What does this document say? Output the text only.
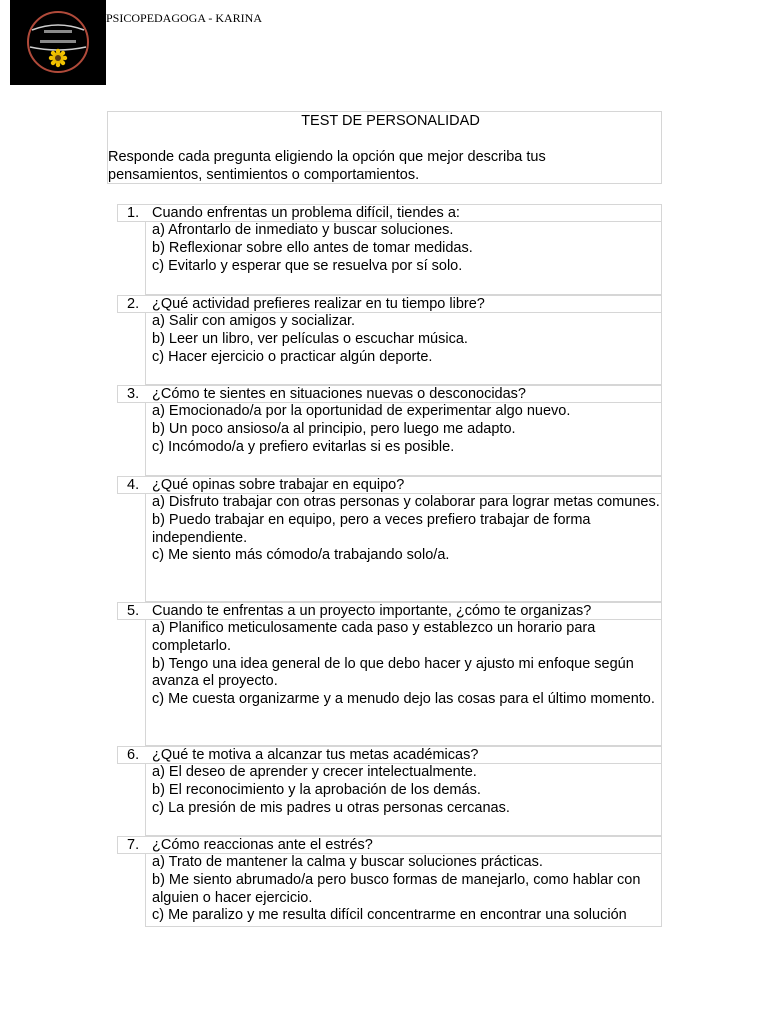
PSICOPEDAGOGA - KARINA
TEST DE PERSONALIDAD
Responde cada pregunta eligiendo la opción que mejor describa tus pensamientos, sentimientos o comportamientos.
1. Cuando enfrentas un problema difícil, tiendes a:
a) Afrontarlo de inmediato y buscar soluciones.
b) Reflexionar sobre ello antes de tomar medidas.
c) Evitarlo y esperar que se resuelva por sí solo.
2. ¿Qué actividad prefieres realizar en tu tiempo libre?
a) Salir con amigos y socializar.
b) Leer un libro, ver películas o escuchar música.
c) Hacer ejercicio o practicar algún deporte.
3. ¿Cómo te sientes en situaciones nuevas o desconocidas?
a) Emocionado/a por la oportunidad de experimentar algo nuevo.
b) Un poco ansioso/a al principio, pero luego me adapto.
c) Incómodo/a y prefiero evitarlas si es posible.
4. ¿Qué opinas sobre trabajar en equipo?
a) Disfruto trabajar con otras personas y colaborar para lograr metas comunes.
b) Puedo trabajar en equipo, pero a veces prefiero trabajar de forma independiente.
c) Me siento más cómodo/a trabajando solo/a.
5. Cuando te enfrentas a un proyecto importante, ¿cómo te organizas?
a) Planifico meticulosamente cada paso y establezco un horario para completarlo.
b) Tengo una idea general de lo que debo hacer y ajusto mi enfoque según avanza el proyecto.
c) Me cuesta organizarme y a menudo dejo las cosas para el último momento.
6. ¿Qué te motiva a alcanzar tus metas académicas?
a) El deseo de aprender y crecer intelectualmente.
b) El reconocimiento y la aprobación de los demás.
c) La presión de mis padres u otras personas cercanas.
7. ¿Cómo reaccionas ante el estrés?
a) Trato de mantener la calma y buscar soluciones prácticas.
b) Me siento abrumado/a pero busco formas de manejarlo, como hablar con alguien o hacer ejercicio.
c) Me paralizo y me resulta difícil concentrarme en encontrar una solución
